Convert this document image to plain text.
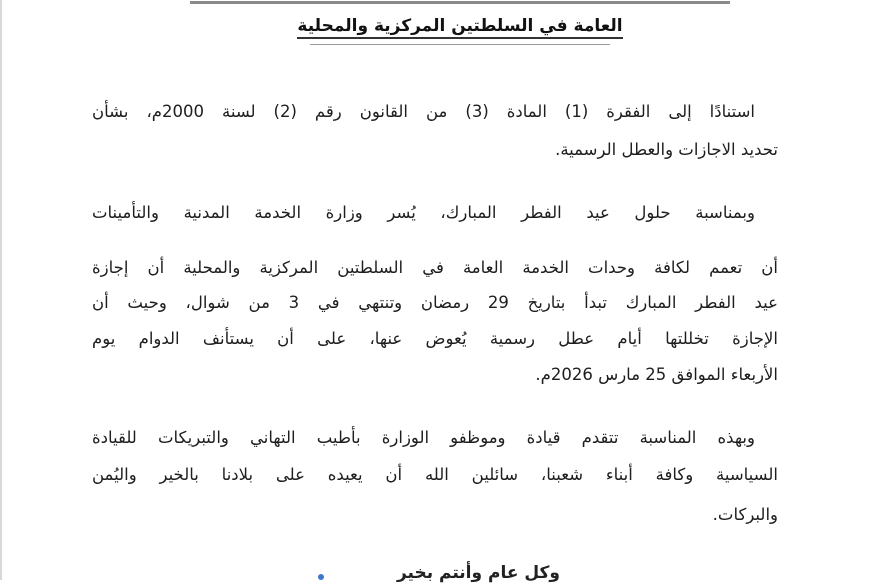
العامة في السلطتين المركزية والمحلية
استنادًا إلى الفقرة (1) المادة (3) من القانون رقم (2) لسنة 2000م، بشأن
تحديد الاجازات والعطل الرسمية.
وبمناسبة حلول عيد الفطر المبارك، يُسر وزارة الخدمة المدنية والتأمينات
أن تعمم لكافة وحدات الخدمة العامة في السلطتين المركزية والمحلية أن إجازة
عيد الفطر المبارك تبدأ بتاريخ 29 رمضان وتنتهي في 3 من شوال، وحيث أن
الإجازة تخللتها أيام عطل رسمية يُعوض عنها، على أن يستأنف الدوام يوم
الأربعاء الموافق 25 مارس 2026م.
وبهذه المناسبة تتقدم قيادة وموظفو الوزارة بأطيب التهاني والتبريكات للقيادة
السياسية وكافة أبناء شعبنا، سائلين الله أن يعيده على بلادنا بالخير واليُمن
والبركات.
وكل عام وأنتم بخير
